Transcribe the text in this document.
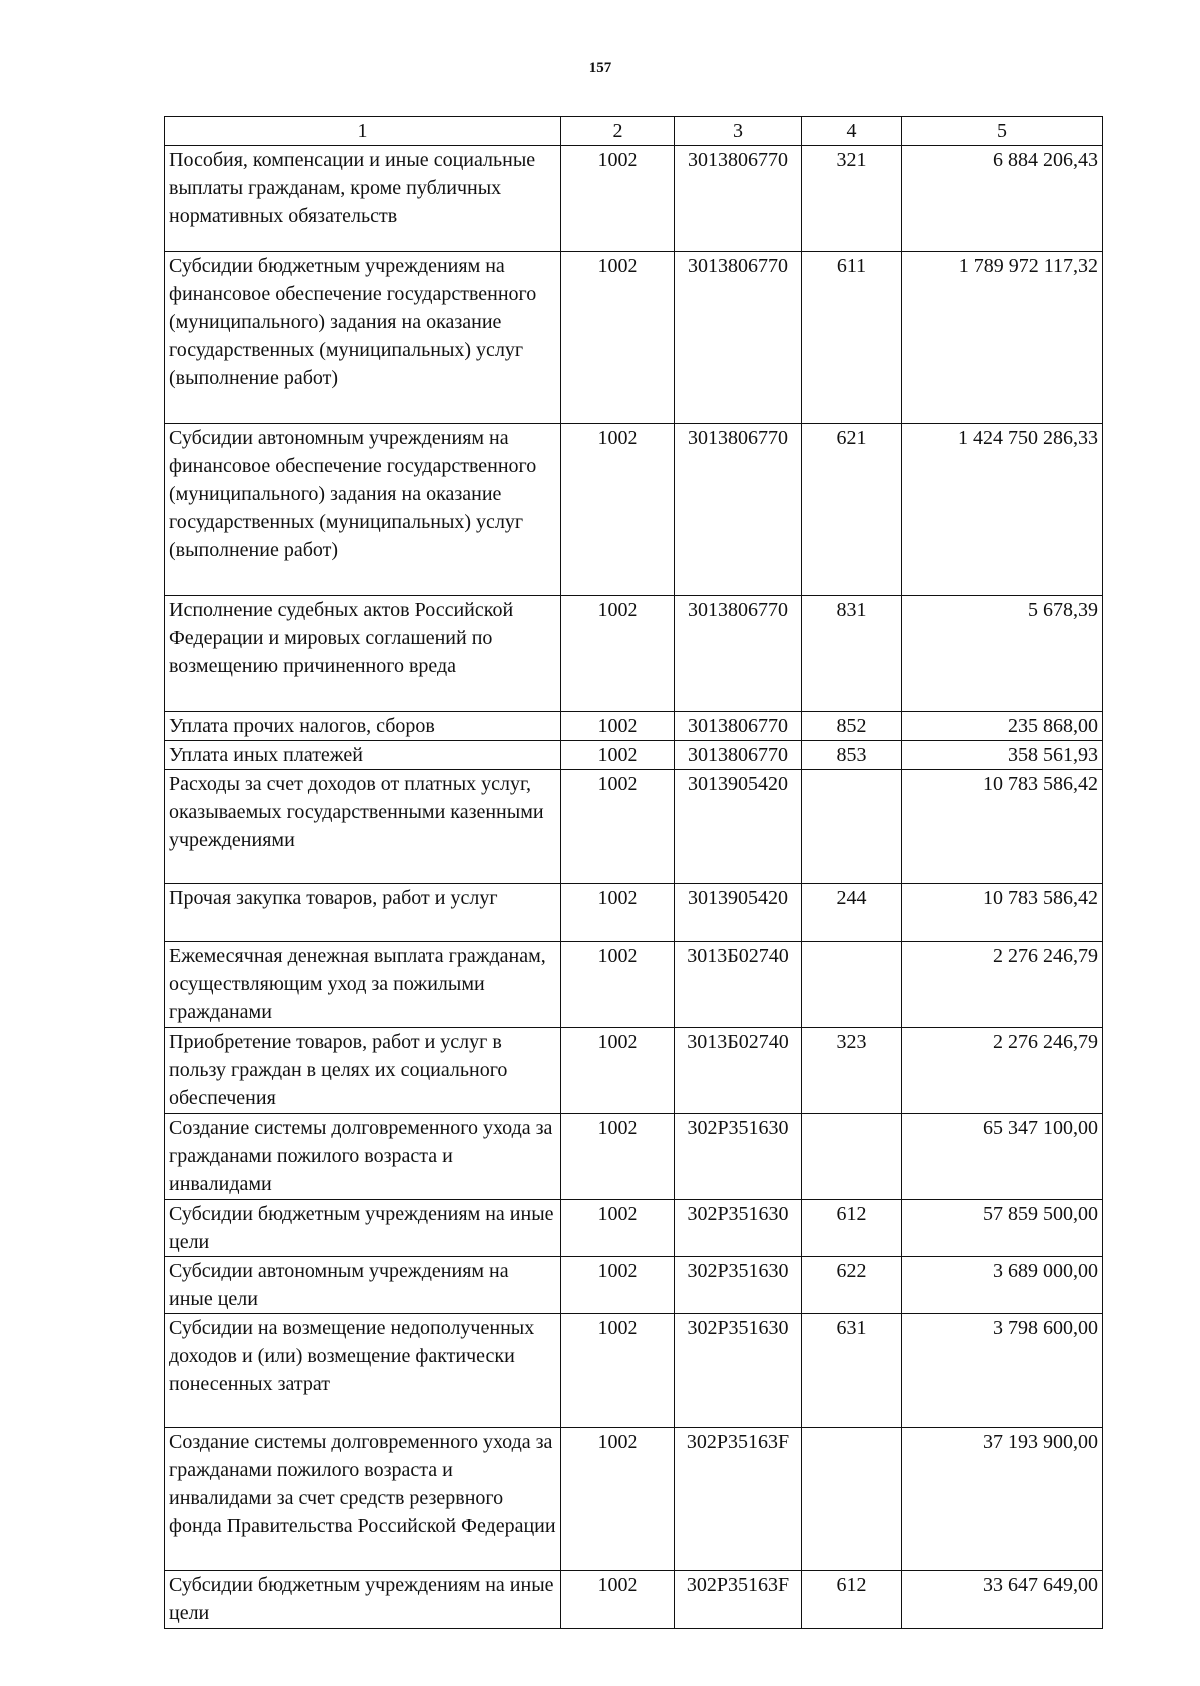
157
1	2	3	4	5
Пособия, компенсации и иные социальные выплаты гражданам, кроме публичных нормативных обязательств	1002	3013806770	321	6 884 206,43
Субсидии бюджетным учреждениям на финансовое обеспечение государственного (муниципального) задания на оказание государственных (муниципальных) услуг (выполнение работ)	1002	3013806770	611	1 789 972 117,32
Субсидии автономным учреждениям на финансовое обеспечение государственного (муниципального) задания на оказание государственных (муниципальных) услуг (выполнение работ)	1002	3013806770	621	1 424 750 286,33
Исполнение судебных актов Российской Федерации и мировых соглашений по возмещению причиненного вреда	1002	3013806770	831	5 678,39
Уплата прочих налогов, сборов	1002	3013806770	852	235 868,00
Уплата иных платежей	1002	3013806770	853	358 561,93
Расходы за счет доходов от платных услуг, оказываемых государственными казенными учреждениями	1002	3013905420		10 783 586,42
Прочая закупка товаров, работ и услуг	1002	3013905420	244	10 783 586,42
Ежемесячная денежная выплата гражданам, осуществляющим уход за пожилыми гражданами	1002	3013Б02740		2 276 246,79
Приобретение товаров, работ и услуг в пользу граждан в целях их социального обеспечения	1002	3013Б02740	323	2 276 246,79
Создание системы долговременного ухода за гражданами пожилого возраста и инвалидами	1002	302P351630		65 347 100,00
Субсидии бюджетным учреждениям на иные цели	1002	302P351630	612	57 859 500,00
Субсидии автономным учреждениям на иные цели	1002	302P351630	622	3 689 000,00
Субсидии на возмещение недополученных доходов и (или) возмещение фактически понесенных затрат	1002	302P351630	631	3 798 600,00
Создание системы долговременного ухода за гражданами пожилого возраста и инвалидами за счет средств резервного фонда Правительства Российской Федерации	1002	302P35163F		37 193 900,00
Субсидии бюджетным учреждениям на иные цели	1002	302P35163F	612	33 647 649,00
